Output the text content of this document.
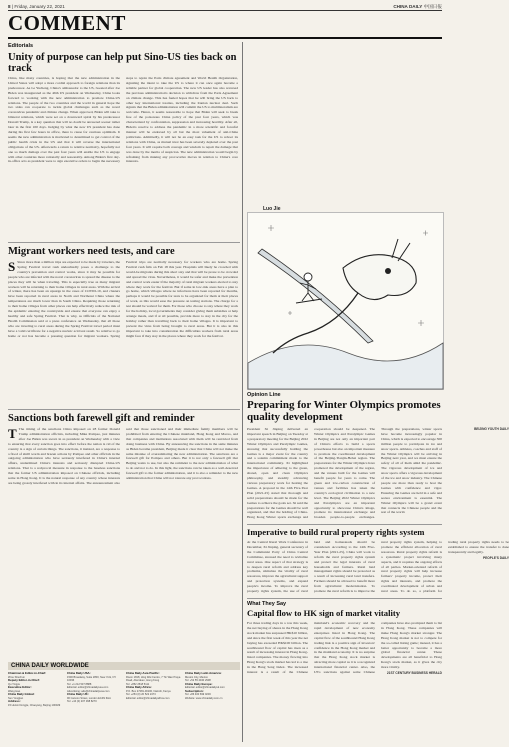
8 | Friday, January 22, 2021	CHINA DAILY 中国日报
COMMENT
Editorials
Unity of purpose can help put Sino-US ties back on track
China, like many countries, is hoping that the new administration in the United States will adopt a more cordial approach to foreign relations than its predecessor. As Le Yucheng, China's ambassador to the US, tweeted after Joe Biden was inaugurated as the 46th US president on Wednesday, China looks forward to working with the new administration to promote China-US relations. The people of the two countries and the world in general hope the two sides can cooperate to tackle global challenges such as the novel coronavirus pandemic and climate change. When approved, Biden will take to bilateral relations, which were set on a downward spiral by his predecessor Donald Trump, is a key question that will no doubt be answered sooner rather later in the first 100 days. Judging by what the new US president has done during his first few hours in office, there is cause for cautious optimism. It seems the new administration is motivated to determined to get control of the public health crisis in the US and that it will reverse the international obligations of the US. Afterwards a return to relative normalcy, hopefully not one so much damage over the past four years will enable the US to engage with other countries more rationally and reasonably. Among Biden's first day-in-office acts as president were to sign executive orders to begin the necessary steps to rejoin the Paris climate agreement and World Health Organization, signaling the intent to take the US to where it can once again become a reliable partner for global cooperation. The new US leader has also reversed the previous administration's decision to withdraw from the Paris Agreement on climate change. This has fueled hopes that he will bring the US back to other key international treaties, including the Iranian nuclear deal. Such signals that the Biden administration will commit the US to multilateralism are welcome. Hence, it seems reasonable to hope that Biden will seek to break free of the poisonous China policy of the past four years, which was characterized by confrontation, suppression and increasing hostility. After all, Biden's resolve to address the pandemic in a more scientific and forceful manner will be endorsed by all but the most vehement of anti-China politicians. Admittedly, it will not be an easy task for the US to reboot its relations with China, as mutual trust has been severely depleted over the past four years. It will require both courage and wisdom to repair the damage that was done by the inertia of suspicion. The new administration would begin by refraining from making any provocative moves in relation to China's core interests.
Migrant workers need tests, and care
S Since more than a million trips are expected to be made by travelers, the Spring Festival travel rush undoubtedly poses a challenge to the country's prevention and control works, since it may be possible for people who are infected with the novel coronavirus to spread the disease to the places they will be when traveling. This is especially true as many migrant workers will be returning to their home villages in rural areas. With the arrival of winter, there has been an upsurge in the cases of COVID-19, and clusters have been reported in rural areas in North and Northeast China where the temperatures are much lower than in South China. Requiring those returning to their home villages from other places can help effectively reduce the risk of the epidemic entering the countryside and ensure that everyone can enjoy a healthy and safe Spring Festival. That is why, as Officials of the National Health Commission said at a press conference on Wednesday, that all those who are traveling to rural areas during the Spring Festival travel period must have a valid certificate for a negative nucleic acid test result. So relative to go home or not has become a pressing question for migrant workers. Spring Festival trips are normally necessary for workers who are home. Spring Festival rush falls on Feb 18 this year. Hospitals will likely be crowded with would-be migrants during this short stay and that will be prone to be crowded and spread the virus. Nevertheless, it would be safer and make the prevention and control work easier if the majority of rural migrant workers elected to stay where they work for the festival. But if some in low-risk areas have a plan to go home, which villages where no infections have been reported for months, perhaps it would be possible for tests to be organized for them at their places of work, as this would ease the pressure on testing stations. The charge for a test should be waived for them. For those who choose to stay where they work for the holiday, local governments may consider giving them subsidies or help arrange meals, and if at all possible, provide more to stay in the city for the holiday rather than travelling back to their home villages. It is important to prevent the virus from being brought to rural areas. But it is also in this important to take into consideration the difficulties workers from rural areas might face if they stay in the places where they work for the festival.
Sanctions both farewell gift and reminder
T The timing of the sanctions China imposed on 28 former Donald Trump administration officials, including Mike Pompeo, just minutes after Joe Biden was sworn in as president on Wednesday with a view to ensuring that every sanction goes into effect before the nation is rid of the country is a sign of certain things. The sanctions, it insisted, are a response to a flood of shrill words and brazen actions by Pompeo and other officials in the outgoing administration who have seriously interfered in China's internal affairs, undermined China's interests and seriously disrupted China-US relations. That is a reciprocal measure in response to the baseless sanctions that the former US administration imposed on Chinese officials, including some in Hong Kong. It is the natural response of any country whose interests are being grossly interfered with in its internal affairs. The announcement also said that those sanctioned and their immediate family members will be prohibited from entering the Chinese mainland, Hong Kong and Macao, and that companies and institutions associated with them will be restricted from doing business with China. By announcing the sanctions in the same minutes as Biden became president, Beijing made it clear that China will not make the same mistake of overestimating the new administration. The sanctions are a farewell gift for Pompeo and others. But it is not only a farewell gift that Beijing wants to use, but also the reminder to the new administration of what to do and not to do. In this light, the sanctions can be taken as a well-deserved farewell gift to the former administration, and it is also a reminder to the new administration that China will not tolerate any provocations.
CHINA DAILY WORLDWIDE
Chairman & Editor-in-Chief:
Zhou Shuchun
Deputy Editor-in-Chief:
Qu Yingpu
Executive Editor:
Wang Hao
China Daily Global:
Sun Yongjian
Address:
15 Huixin Dongjie, Chaoyang, Beijing 100029

China Daily USA:
1500 Broadway, Suite 2800, New York, NY 10036
Tel: +1 212 537 8888
Editorial: editor@chinadailyusa.com
Advertising: ads@chinadailyusa.com
China Daily UK:
90 Cannon Street, London EC4N 6HA
Tel: +44 (0) 207 398 8270

China Daily Asia Pacific:
Room 1818, Hing Wai Centre, 7 Tin Wan Praya Road, Aberdeen, Hong Kong
Tel: +852 2518 5111
China Daily Africa:
P.O. Box 27281-00100, Nairobi, Kenya
Tel: +254 (0) 20 522 2473
Editorial: editor@chinadailyafrica.com

China Daily Latin America:
Mexico City, Mexico
Tel: +52 55 4040 2938
China Daily Europe:
Editorial: editor@chinadailyuk.com
Subscription:
Tel: +86 400 699 0203
Website: www.chinadaily.com.cn

Luo Jie
Opinion Line
Preparing for Winter Olympics promotes quality development
President Xi Jinping delivered an important speech in Beijing on Tuesday at a preparatory meeting for the Beijing 2022 Winter Olympics and Paralympic Games, stressing that successfully holding the Games is a major event for the country and a solemn commitment made to the international community. Xi highlighted the importance of adhering to the green, shared, open and clean Olympics philosophy, and steadily advancing various preparatory work for hosting the Games. A proposal in the 14th Five-Year Plan (2021-25) stated that thorough and solid preparations should be made for the Games to achieve the goals set. Xi said the preparations for the Games should be well organized, and that the holding of China-Hong Kong Winter sports exchange and cooperation should be deepened. The Winter Olympics and Paralympic Games in Beijing are not only an important part of China's efforts to build a sports powerhouse but also an important measure to promote the coordinated development of the Beijing-Tianjin-Hebei region. The preparations for the Winter Olympics have promoted the development of the region, and the venues built for the Games will benefit people for years to come. The green and low-carbon construction of venues and facilities has taken the country's ecological civilization to a new level. The Beijing 2022 Winter Olympics and Paralympics are an important opportunity to showcase China's image, promote its international exchange and broaden people-to-people exchanges. Through the preparations, winter sports have become increasingly popular in China, which is expected to encourage 300 million people to participate in ice and snow sports. Athletes, coaches and staff of the Winter Olympics will be arriving in Beijing next year, and we must ensure the safety of all of them amid the pandemic. The vigorous development of ice and snow sports offers a vigorous development of the ice and snow industry. The Chinese people are more than ready to host the Games with confidence and vigor. Ensuring the Games are held in a safe and secure environment is essential. The Winter Olympics will be a grand event that connects the Chinese people and the rest of the world.
BEIJING YOUTH DAILY
Imperative to build rural property rights system
At the Central Rural Work Conference in December, Xi Jinping, general secretary of the Communist Party of China Central Committee, stressed the need to revitalize rural areas. One aspect of that strategy is to deepen rural reform and address key problems, stimulate the vitality of rural resources, improve the agricultural support and protection systems, and expand people's income. To improve the rural property rights system, the use of rural land and homesteads should be considered. According to the 14th Five-Year Plan (2021-25), China will work to reform the rural property rights system and protect the legal interests of rural households and farmers. Rural land management rights should be protected as a result of increasing rural land transfers. Farmers should be allowed to benefit more from agricultural modernization. To promote the rural reform is to improve the rural property rights system, helping to promote the efficient allocation of rural resources. Rural property rights reform is a systematic project involving many aspects, and it requires the ongoing efforts of all parties. Market-oriented reform of rural property rights will help increase farmers' property income, protect their rights and interests, and promote the coordinated development of urban and rural areas. To do so, a platform for trading rural property rights needs to be established to ensure the transfer is done transparently and legally.
PEOPLE'S DAILY
What They Say
Capital flow to HK sign of market vitality
For three trading days in a row this week, the net buying of shares in the Hong Kong stock market has surpassed HK$10 billion, and since the first week of this year the net buying has exceeded HK$100 billion. The southbound flow of capital has risen as a result of increasing interest in Hong Kong-listed companies. The money flowing into Hong Kong's stock market has led to a rise in the Hang Seng Index. The increased interest is a result of the Chinese mainland's economic recovery and the rapid development of new economy enterprises listed in Hong Kong. The capital flow of the southbound Hong Kong trading link is a positive sign of investors' confidence in the Hong Kong market and in the mainland economy. It is no surprise that the Hong Kong stock market is attracting more capital as it is a recognized international financial center. Also, the US's sanctions against some Chinese companies have also prompted them to list in Hong Kong. These companies will make Hong Kong's market stronger. The Hong Kong market is not to compete for the so-called listing game; instead, it has a better opportunity to become a more global financial center. These developments are all beneficial to Hong Kong's stock market, as it gives the city more vitality.
21ST CENTURY BUSINESS HERALD
